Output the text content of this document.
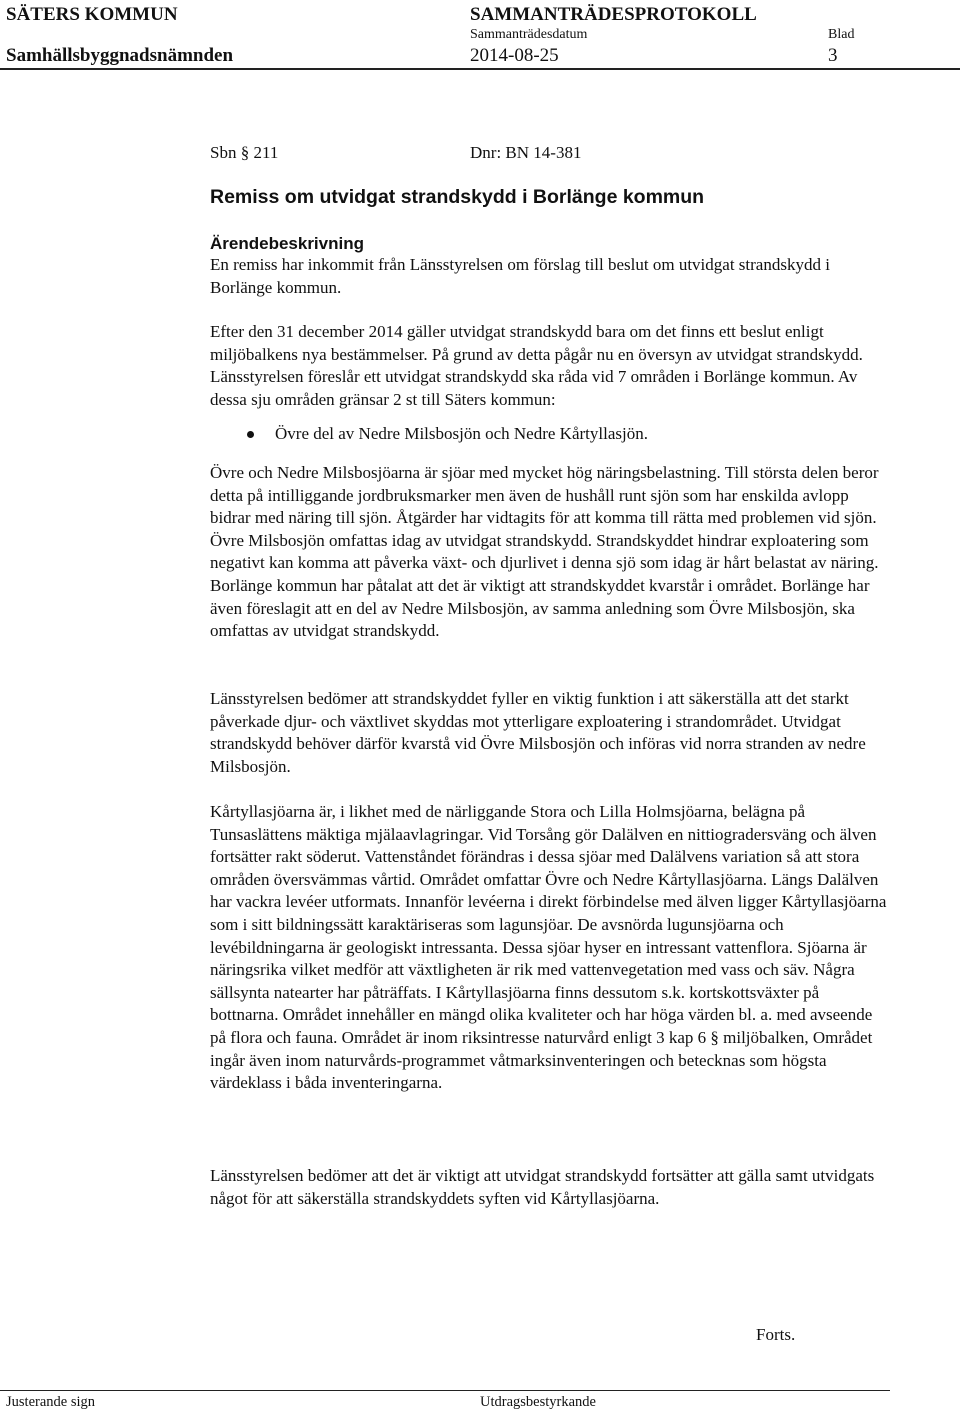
SÄTERS KOMMUN	SAMMANTRÄDESPROTOKOLL
Sammanträdesdatum	Blad
Samhällsbyggnadsnämnden	2014-08-25	3
Sbn § 211	Dnr: BN 14-381
Remiss om utvidgat strandskydd i Borlänge kommun
Ärendebeskrivning
En remiss har inkommit från Länsstyrelsen om förslag till beslut om utvidgat strandskydd i Borlänge kommun.
Efter den 31 december 2014 gäller utvidgat strandskydd bara om det finns ett beslut enligt miljöbalkens nya bestämmelser. På grund av detta pågår nu en översyn av utvidgat strandskydd. Länsstyrelsen föreslår ett utvidgat strandskydd ska råda vid 7 områden i Borlänge kommun. Av dessa sju områden gränsar 2 st till Säters kommun:
Övre del av Nedre Milsbosjön och Nedre Kårtyllasjön.
Övre och Nedre Milsbosjöarna är sjöar med mycket hög näringsbelastning. Till största delen beror detta på intilliggande jordbruksmarker men även de hushåll runt sjön som har enskilda avlopp bidrar med näring till sjön. Åtgärder har vidtagits för att komma till rätta med problemen vid sjön. Övre Milsbosjön omfattas idag av utvidgat strandskydd. Strandskyddet hindrar exploatering som negativt kan komma att påverka växt- och djurlivet i denna sjö som idag är hårt belastat av näring. Borlänge kommun har påtalat att det är viktigt att strandskyddet kvarstår i området. Borlänge har även föreslagit att en del av Nedre Milsbosjön, av samma anledning som Övre Milsbosjön, ska omfattas av utvidgat strandskydd.
Länsstyrelsen bedömer att strandskyddet fyller en viktig funktion i att säkerställa att det starkt påverkade djur- och växtlivet skyddas mot ytterligare exploatering i strandområdet. Utvidgat strandskydd behöver därför kvarstå vid Övre Milsbosjön och införas vid norra stranden av nedre Milsbosjön.
Kårtyllasjöarna är, i likhet med de närliggande Stora och Lilla Holmsjöarna, belägna på Tunsaslättens mäktiga mjälaavlagringar. Vid Torsång gör Dalälven en nittiogradersväng och älven fortsätter rakt söderut. Vattenståndet förändras i dessa sjöar med Dalälvens variation så att stora områden översvämmas vårtid. Området omfattar Övre och Nedre Kårtyllasjöarna. Längs Dalälven har vackra levéer utformats. Innanför levéerna i direkt förbindelse med älven ligger Kårtyllasjöarna som i sitt bildningssätt karaktäriseras som lagunsjöar. De avsnörda lugunsjöarna och levébildningarna är geologiskt intressanta. Dessa sjöar hyser en intressant vattenflora. Sjöarna är näringsrika vilket medför att växtligheten är rik med vattenvegetation med vass och säv. Några sällsynta natearter har påträffats. I Kårtyllasjöarna finns dessutom s.k. kortskottsväxter på bottnarna. Området innehåller en mängd olika kvaliteter och har höga värden bl. a. med avseende på flora och fauna. Området är inom riksintresse naturvård enligt 3 kap 6 § miljöbalken, Området ingår även inom naturvårds-programmet våtmarksinventeringen och betecknas som högsta värdeklass i båda inventeringarna.
Länsstyrelsen bedömer att det är viktigt att utvidgat strandskydd fortsätter att gälla samt utvidgats något för att säkerställa strandskyddets syften vid Kårtyllasjöarna.
Forts.
Justerande sign	Utdragsbestyrkande
